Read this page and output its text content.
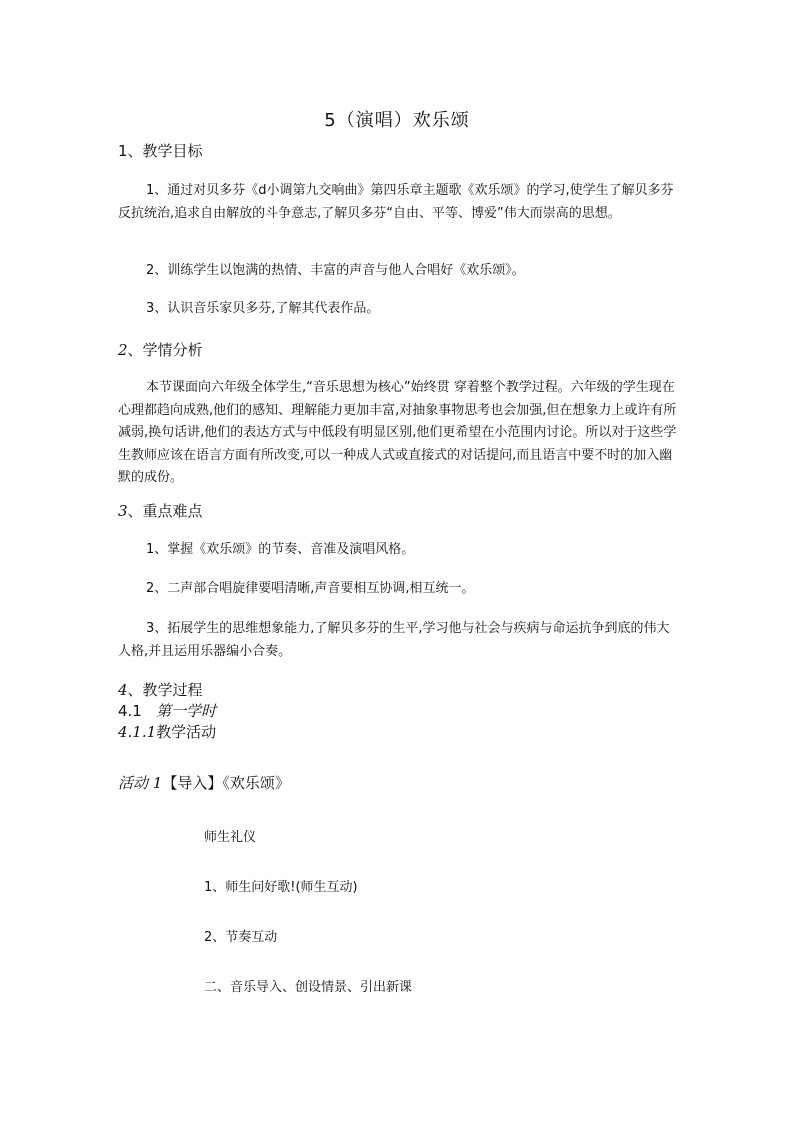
5（演唱）欢乐颂
1、教学目标
1、通过对贝多芬《d小调第九交响曲》第四乐章主题歌《欢乐颂》的学习,使学生了解贝多芬反抗统治,追求自由解放的斗争意志,了解贝多芬“自由、平等、博爱”伟大而崇高的思想。
2、训练学生以饱满的热情、丰富的声音与他人合唱好《欢乐颂》。
3、认识音乐家贝多芬,了解其代表作品。
2、学情分析
本节课面向六年级全体学生,“音乐思想为核心”始终贯 穿着整个教学过程。六年级的学生现在心理都趋向成熟,他们的感知、理解能力更加丰富,对抽象事物思考也会加强,但在想象力上或许有所减弱,换句话讲,他们的表达方式与中低段有明显区别,他们更希望在小范围内讨论。所以对于这些学生教师应该在语言方面有所改变,可以一种成人式或直接式的对话提问,而且语言中要不时的加入幽默的成份。
3、重点难点
1、掌握《欢乐颂》的节奏、音准及演唱风格。
2、二声部合唱旋律要唱清晰,声音要相互协调,相互统一。
3、拓展学生的思维想象能力,了解贝多芬的生平,学习他与社会与疾病与命运抗争到底的伟大人格,并且运用乐器编小合奏。
4、教学过程
4.1 第一学时
4.1.1教学活动
活动 1【导入】《欢乐颂》
师生礼仪
1、师生问好歌!(师生互动)
2、节奏互动
二、音乐导入、创设情景、引出新课
